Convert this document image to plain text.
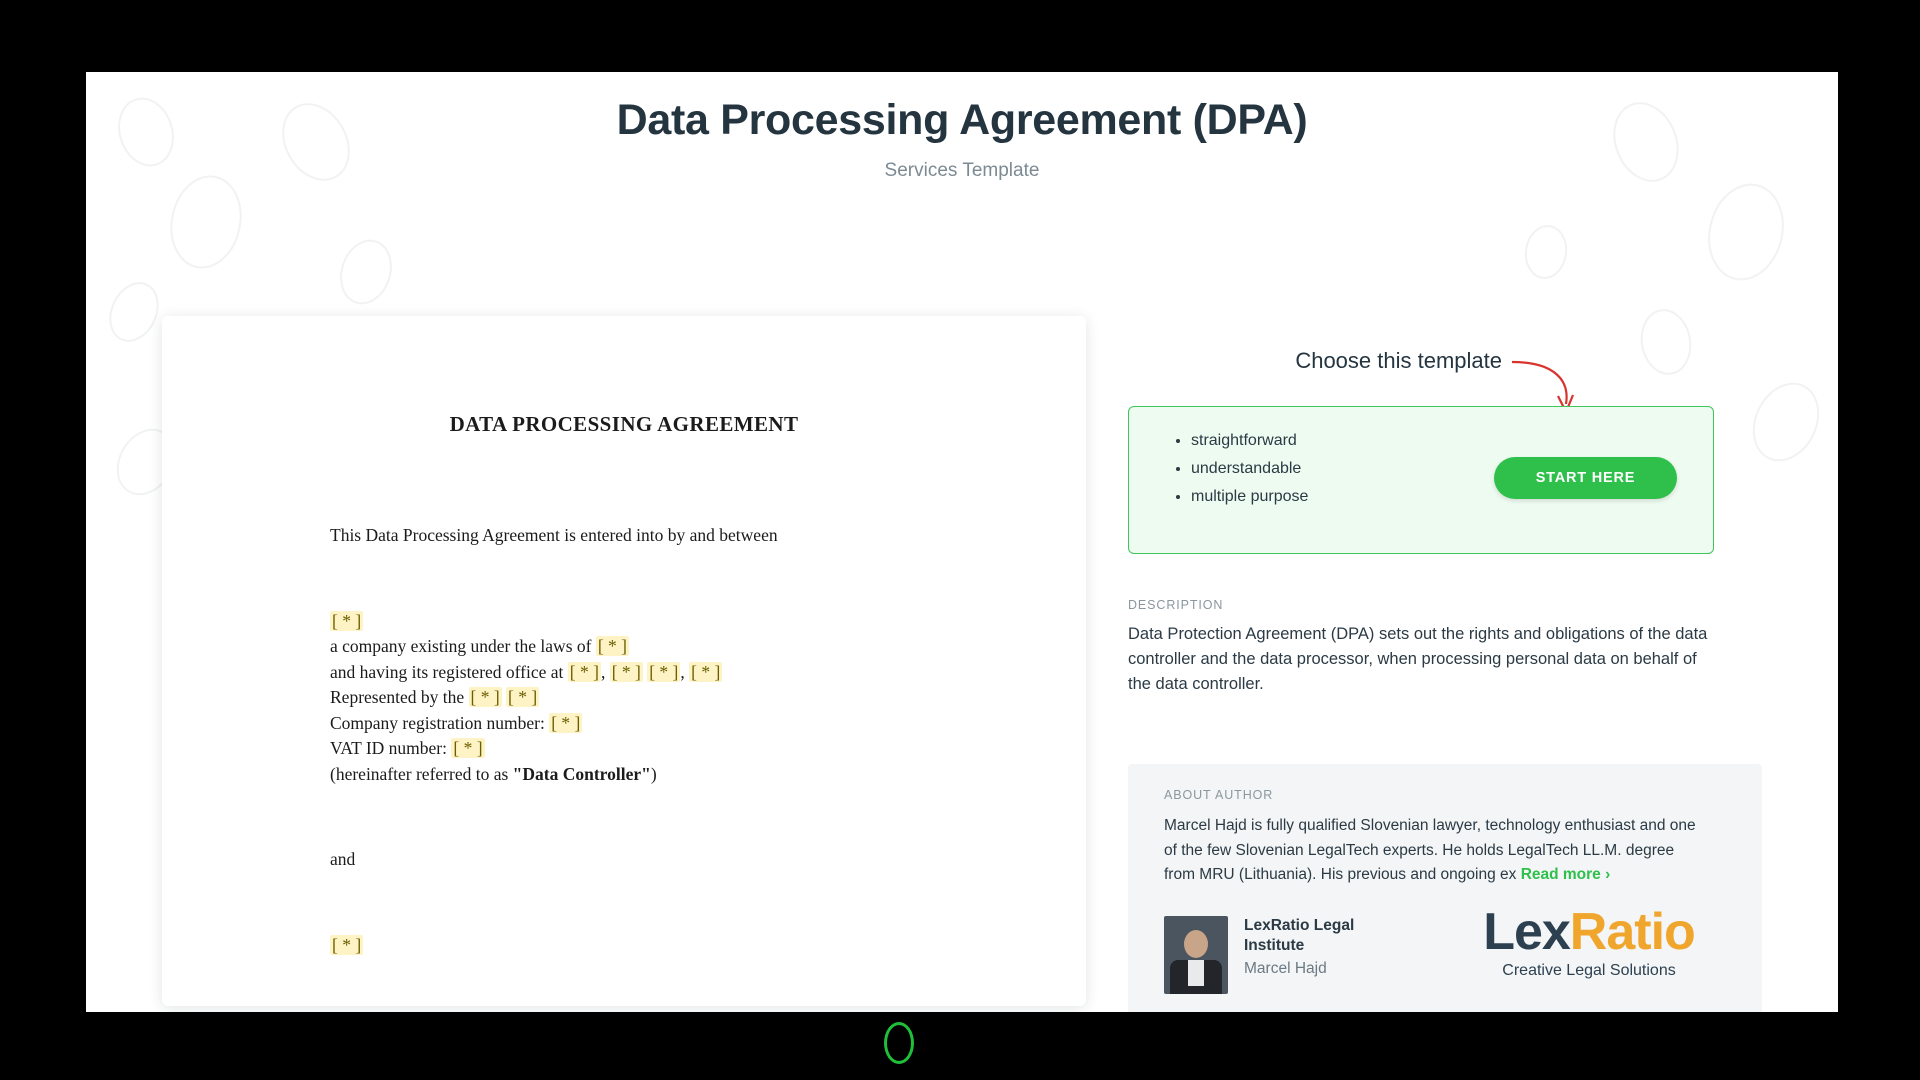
Data Processing Agreement (DPA)
Services Template
DATA PROCESSING AGREEMENT
This Data Processing Agreement is entered into by and between
[ * ]
a company existing under the laws of [ * ]
and having its registered office at [ * ] , [ * ] [ * ] , [ * ]
Represented by the [ * ] [ * ]
Company registration number: [ * ]
VAT ID number: [ * ]
(hereinafter referred to as "Data Controller")
and
[ * ]
Choose this template
• straightforward
• understandable
• multiple purpose
START HERE
DESCRIPTION
Data Protection Agreement (DPA) sets out the rights and obligations of the data controller and the data processor, when processing personal data on behalf of the data controller.
ABOUT AUTHOR
Marcel Hajd is fully qualified Slovenian lawyer, technology enthusiast and one of the few Slovenian LegalTech experts. He holds LegalTech LL.M. degree from MRU (Lithuania). His previous and ongoing ex Read more ›
LexRatio Legal Institute
Marcel Hajd
LexRatio
Creative Legal Solutions
